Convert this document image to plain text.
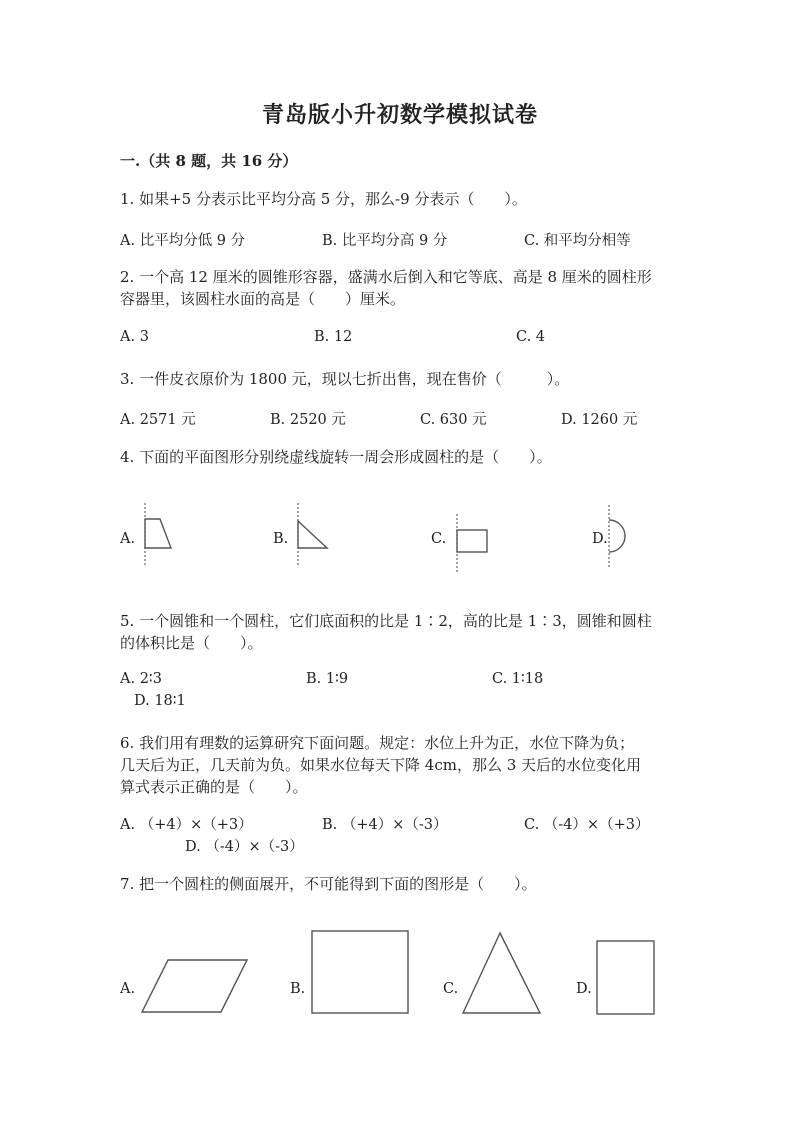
青岛版小升初数学模拟试卷
一.（共 8 题，共 16 分）
1. 如果+5 分表示比平均分高 5 分，那么-9 分表示（　　）。
A. 比平均分低 9 分	B. 比平均分高 9 分	C. 和平均分相等
2. 一个高 12 厘米的圆锥形容器，盛满水后倒入和它等底、高是 8 厘米的圆柱形
容器里，该圆柱水面的高是（　　）厘米。
A. 3	B. 12	C. 4
3. 一件皮衣原价为 1800 元，现以七折出售，现在售价（　　　）。
A. 2571 元	B. 2520 元	C. 630 元	D. 1260 元
4. 下面的平面图形分别绕虚线旋转一周会形成圆柱的是（　　）。
A.	B.	C.	D.
5. 一个圆锥和一个圆柱，它们底面积的比是 1∶2，高的比是 1∶3，圆锥和圆柱
的体积比是（　　）。
A. 2∶3	B. 1∶9	C. 1∶18
D. 18∶1
6. 我们用有理数的运算研究下面问题。规定：水位上升为正，水位下降为负；
几天后为正，几天前为负。如果水位每天下降 4cm，那么 3 天后的水位变化用
算式表示正确的是（　　）。
A. （+4）×（+3）	B. （+4）×（-3）	C. （-4）×（+3）
D. （-4）×（-3）
7. 把一个圆柱的侧面展开，不可能得到下面的图形是（　　）。
A.	B.	C.	D.
